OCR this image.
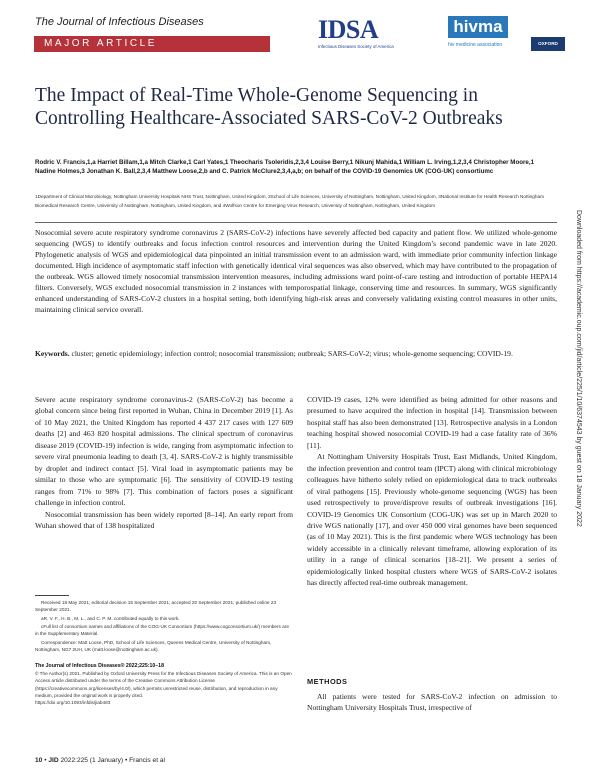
The Journal of Infectious Diseases
MAJOR ARTICLE	IDSA
Infectious Diseases Society of America
hivma
hiv medicine association	OXFORD
The Impact of Real-Time Whole-Genome Sequencing in Controlling Healthcare-Associated SARS-CoV-2 Outbreaks
Rodric V. Francis,1,a Harriet Billam,1,a Mitch Clarke,1 Carl Yates,1 Theocharis Tsoleridis,2,3,4 Louise Berry,1 Nikunj Mahida,1 William L. Irving,1,2,3,4 Christopher Moore,1 Nadine Holmes,3 Jonathan K. Ball,2,3,4 Matthew Loose,2,b and C. Patrick McClure2,3,4,a,b; on behalf of the COVID-19 Genomics UK (COG-UK) consortiumc
1Department of Clinical Microbiology, Nottingham University Hospitals NHS Trust, Nottingham, United Kingdom, 2School of Life Sciences, University of Nottingham, Nottingham, United Kingdom, 3National Institute for Health Research Nottingham Biomedical Research Centre, University of Nottingham, Nottingham, United Kingdom, and 4Wolfson Centre for Emerging Virus Research, University of Nottingham, Nottingham, United Kingdom
Nosocomial severe acute respiratory syndrome coronavirus 2 (SARS-CoV-2) infections have severely affected bed capacity and patient flow. We utilized whole-genome sequencing (WGS) to identify outbreaks and focus infection control resources and intervention during the United Kingdom’s second pandemic wave in late 2020. Phylogenetic analysis of WGS and epidemiological data pinpointed an initial transmission event to an admission ward, with immediate prior community infection linkage documented. High incidence of asymptomatic staff infection with genetically identical viral sequences was also observed, which may have contributed to the propagation of the outbreak. WGS allowed timely nosocomial transmission intervention measures, including admissions ward point-of-care testing and introduction of portable HEPA14 filters. Conversely, WGS excluded nosocomial transmission in 2 instances with temporospatial linkage, conserving time and resources. In summary, WGS significantly enhanced understanding of SARS-CoV-2 clusters in a hospital setting, both identifying high-risk areas and conversely validating existing control measures in other units, maintaining clinical service overall.
Keywords. cluster; genetic epidemiology; infection control; nosocomial transmission; outbreak; SARS-CoV-2; virus; whole-genome sequencing; COVID-19.

Severe acute respiratory syndrome coronavirus-2 (SARS-CoV-2) has become a global concern since being first reported in Wuhan, China in December 2019 [1]. As of 10 May 2021, the United Kingdom has reported 4 437 217 cases with 127 609 deaths [2] and 463 820 hospital admissions. The clinical spectrum of coronavirus disease 2019 (COVID-19) infection is wide, ranging from asymptomatic infection to severe viral pneumonia leading to death [3, 4]. SARS-CoV-2 is highly transmissible by droplet and indirect contact [5]. Viral load in asymptomatic patients may be similar to those who are symptomatic [6]. The sensitivity of COVID-19 testing ranges from 71% to 98% [7]. This combination of factors poses a significant challenge in infection control.

Nosocomial transmission has been widely reported [8–14]. An early report from Wuhan showed that of 138 hospitalized

COVID-19 cases, 12% were identified as being admitted for other reasons and presumed to have acquired the infection in hospital [14]. Transmission between hospital staff has also been demonstrated [13]. Retrospective analysis in a London teaching hospital showed nosocomial COVID-19 had a case fatality rate of 36% [11].

At Nottingham University Hospitals Trust, East Midlands, United Kingdom, the infection prevention and control team (IPCT) along with clinical microbiology colleagues have hitherto solely relied on epidemiological data to track outbreaks of viral pathogens [15]. Previously whole-genome sequencing (WGS) has been used retrospectively to prove/disprove results of outbreak investigations [16]. COVID-19 Genomics UK Consortium (COG-UK) was set up in March 2020 to drive WGS nationally [17], and over 450 000 viral genomes have been sequenced (as of 10 May 2021). This is the first pandemic where WGS technology has been widely accessible in a clinically relevant timeframe, allowing exploration of its utility in a range of clinical scenarios [18–21]. We present a series of epidemiologically linked hospital clusters where WGS of SARS-CoV-2 isolates has directly affected real-time outbreak management.

METHODS

All patients were tested for SARS-CoV-2 infection on admission to Nottingham University Hospitals Trust, irrespective of

Received 18 May 2021; editorial decision 15 September 2021; accepted 20 September 2021; published online 23 September 2021.

aR. V. F., H. B., M. L., and C. P. M. contributed equally to this work.

cFull list of consortium names and affiliations of the COG-UK Consortium (https://www.cogconsortium.uk/) members are in the Supplementary Material.

Correspondence: Matt Loose, PhD, School of Life Sciences, Queens Medical Centre, University of Nottingham, Nottingham, NG7 2UH, UK (matt.loose@nottingham.ac.uk).

The Journal of Infectious Diseases® 2022;225:10–18

© The Author(s) 2021. Published by Oxford University Press for the Infectious Diseases Society of America. This is an Open Access article distributed under the terms of the Creative Commons Attribution License (https://creativecommons.org/licenses/by/4.0/), which permits unrestricted reuse, distribution, and reproduction in any medium, provided the original work is properly cited.

https://doi.org/10.1093/infdis/jiab483

10 • JID 2022:225 (1 January) • Francis et al
Downloaded from https://academic.oup.com/jid/article/225/1/10/6374543 by guest on 18 January 2022
